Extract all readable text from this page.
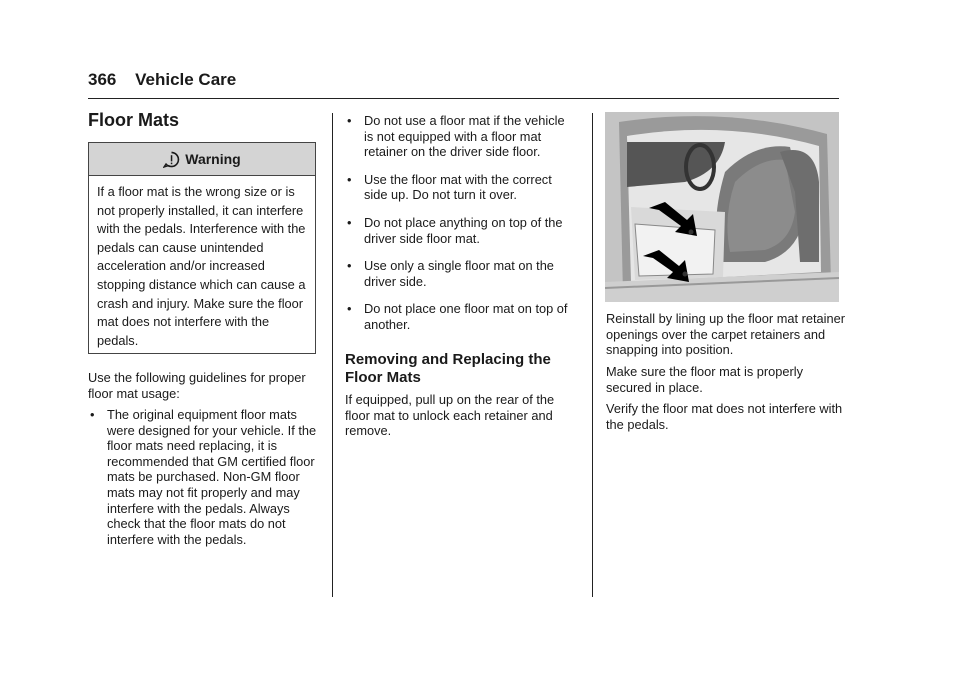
366 Vehicle Care
Floor Mats
Warning
If a floor mat is the wrong size or is not properly installed, it can interfere with the pedals. Interference with the pedals can cause unintended acceleration and/or increased stopping distance which can cause a crash and injury. Make sure the floor mat does not interfere with the pedals.
Use the following guidelines for proper floor mat usage:
• The original equipment floor mats were designed for your vehicle. If the floor mats need replacing, it is recommended that GM certified floor mats be purchased. Non-GM floor mats may not fit properly and may interfere with the pedals. Always check that the floor mats do not interfere with the pedals.
• Do not use a floor mat if the vehicle is not equipped with a floor mat retainer on the driver side floor.
• Use the floor mat with the correct side up. Do not turn it over.
• Do not place anything on top of the driver side floor mat.
• Use only a single floor mat on the driver side.
• Do not place one floor mat on top of another.
Removing and Replacing the Floor Mats
If equipped, pull up on the rear of the floor mat to unlock each retainer and remove.
Reinstall by lining up the floor mat retainer openings over the carpet retainers and snapping into position.
Make sure the floor mat is properly secured in place.
Verify the floor mat does not interfere with the pedals.
